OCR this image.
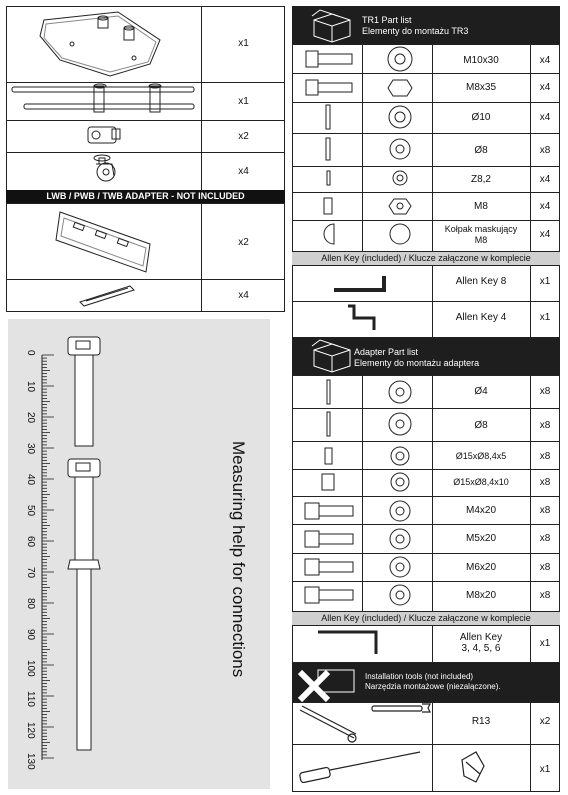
LWB / PWB / TWB ADAPTER - NOT INCLUDED
x1
x1
x2
x4
x2
x4
0
10
20
30
40
50
60
70
80
90
100
110
120
130
Measuring help for connections
TR1 Part list
Elementy do montażu TR3
Adapter Part list
Elementy do montażu adaptera
Installation tools (not included)
Narzędzia montażowe (niezalączone).
Allen Key (included) / Klucze załączone w komplecie
Allen Key (included) / Klucze załączone w komplecie
M10x30
M8x35
Ø10
Ø8
Z8,2
M8
Kołpak maskujący
M8
x4
x4
x4
x8
x4
x4
x4
Allen Key 8
Allen Key 4
x1
x1
Ø4
Ø8
Ø15xØ8,4x5
Ø15xØ8,4x10
M4x20
M5x20
M6x20
M8x20
x8
x8
x8
x8
x8
x8
x8
x8
Allen Key
3, 4, 5, 6	x1
R13	x2
x1
